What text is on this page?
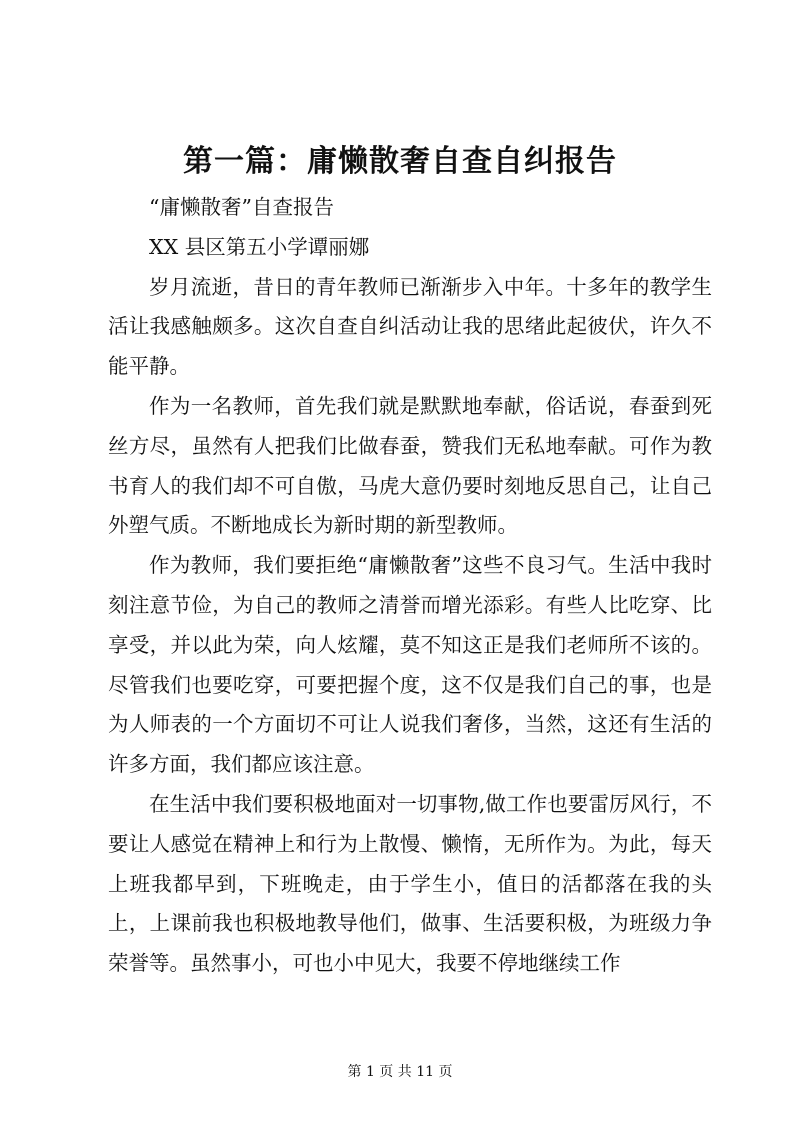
第一篇：庸懒散奢自查自纠报告

“庸懒散奢”自查报告

XX 县区第五小学谭丽娜

岁月流逝，昔日的青年教师已渐渐步入中年。十多年的教学生活让我感触颇多。这次自查自纠活动让我的思绪此起彼伏，许久不能平静。

作为一名教师，首先我们就是默默地奉献，俗话说，春蚕到死丝方尽，虽然有人把我们比做春蚕，赞我们无私地奉献。可作为教书育人的我们却不可自傲，马虎大意仍要时刻地反思自己，让自己外塑气质。不断地成长为新时期的新型教师。

作为教师，我们要拒绝“庸懒散奢”这些不良习气。生活中我时刻注意节俭，为自己的教师之清誉而增光添彩。有些人比吃穿、比享受，并以此为荣，向人炫耀，莫不知这正是我们老师所不该的。尽管我们也要吃穿，可要把握个度，这不仅是我们自己的事，也是为人师表的一个方面切不可让人说我们奢侈，当然，这还有生活的许多方面，我们都应该注意。

在生活中我们要积极地面对一切事物,做工作也要雷厉风行，不要让人感觉在精神上和行为上散慢、懒惰，无所作为。为此，每天上班我都早到，下班晚走，由于学生小，值日的活都落在我的头上，上课前我也积极地教导他们，做事、生活要积极，为班级力争荣誉等。虽然事小，可也小中见大，我要不停地继续工作

第 1 页 共 11 页
